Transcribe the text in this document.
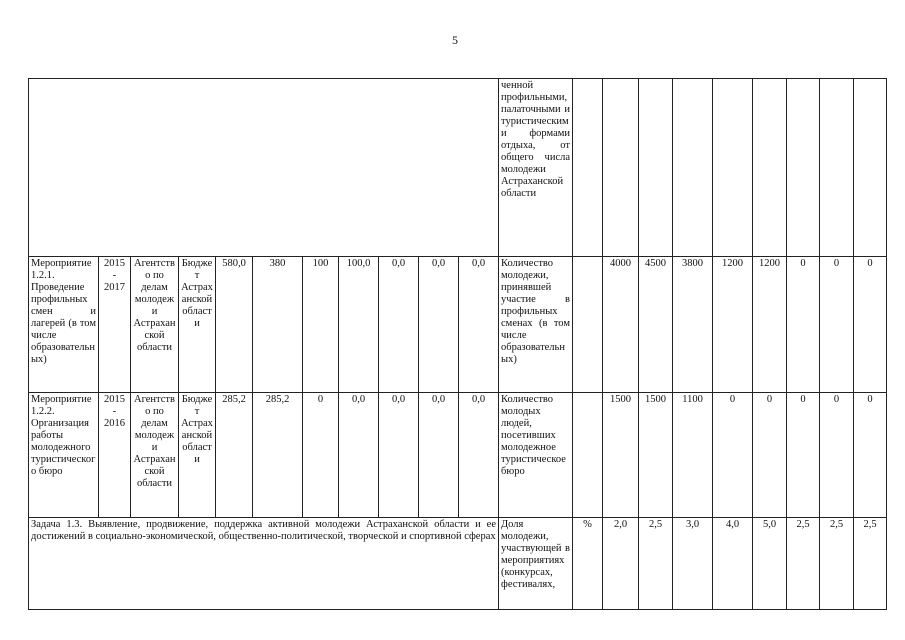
5
											ченной профильными, палаточными и туристическими формами отдыха, от общего числа молодежи Астраханской области									
Мероприятие 1.2.1. Проведение профильных смен и лагерей (в том числе образовательных)	2015 - 2017	Агентство по делам молодежи Астраханской области	Бюджет Астраханской области	580,0	380	100	100,0	0,0	0,0	0,0	Количество молодежи, принявшей участие в профильных сменах (в том числе образовательных)		4000	4500	3800	1200	1200	0	0	0
Мероприятие 1.2.2. Организация работы молодежного туристического бюро	2015 - 2016	Агентство по делам молодежи Астраханской области	Бюджет Астраханской области	285,2	285,2	0	0,0	0,0	0,0	0,0	Количество молодых людей, посетивших молодежное туристическое бюро		1500	1500	1100	0	0	0	0	0
Задача 1.3. Выявление, продвижение, поддержка активной молодежи Астраханской области и ее достижений в социально-экономической, общественно-политической, творческой и спортивной сферах											Доля молодежи, участвующей в мероприятиях (конкурсах, фестивалях,	%	2,0	2,5	3,0	4,0	5,0	2,5	2,5	2,5
